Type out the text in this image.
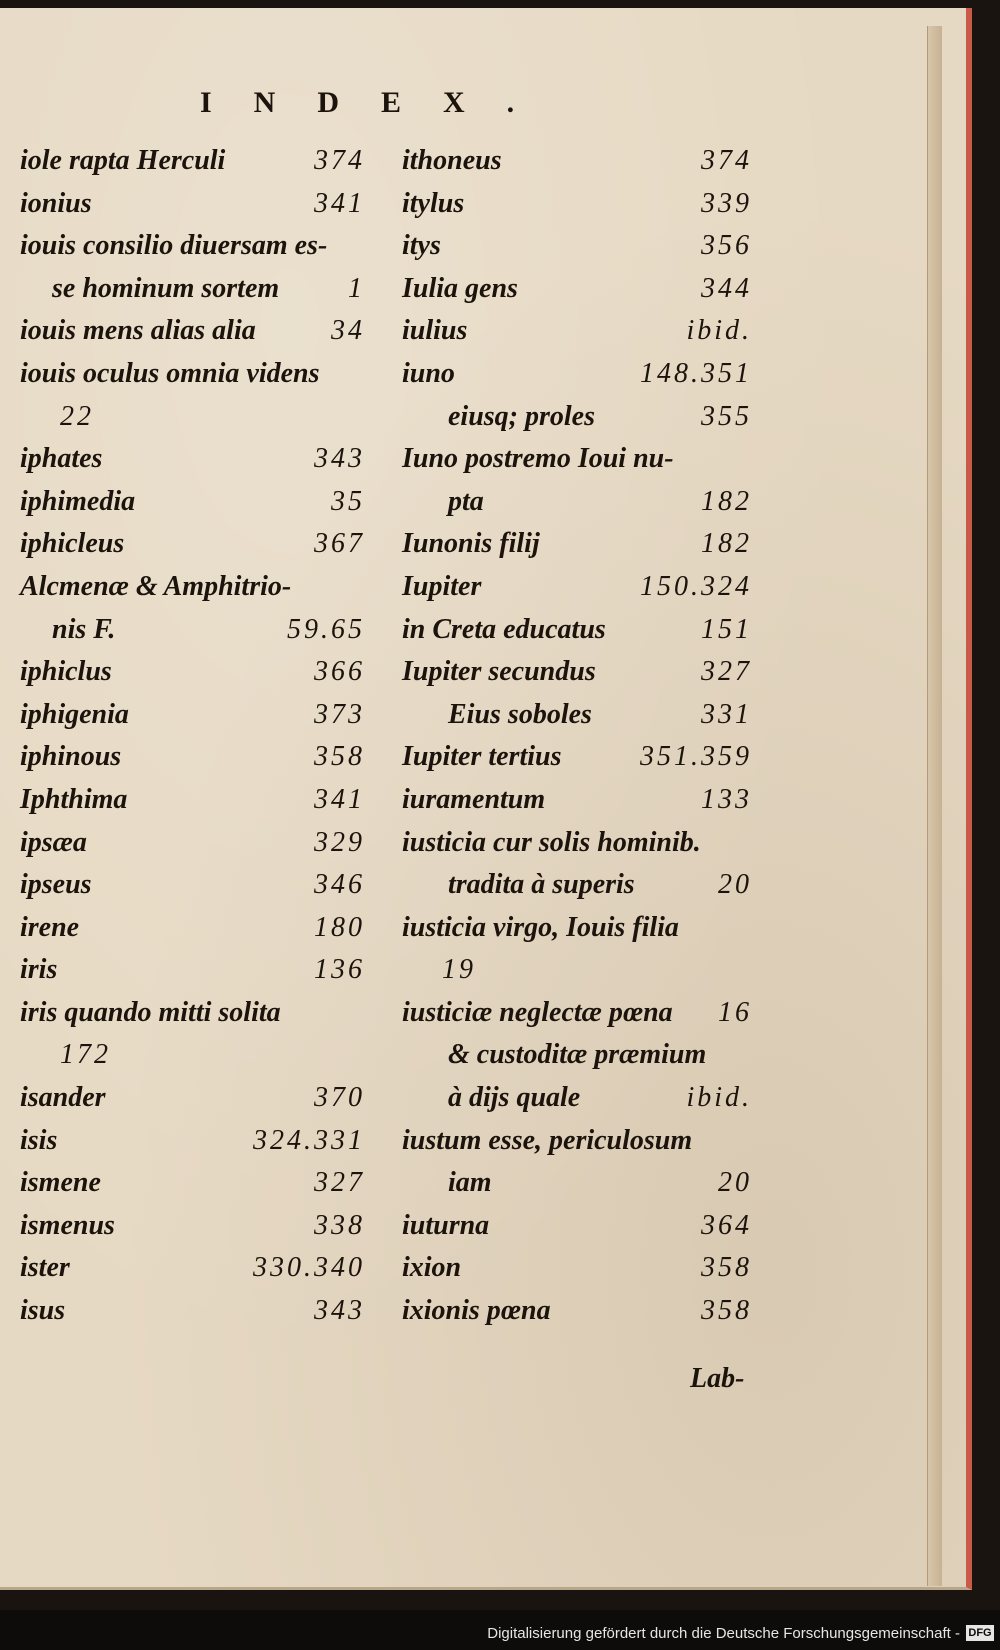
INDEX.
iole rapta Herculi	374
ionius	341
iouis consilio diuersam es-
se hominum sortem 1
iouis mens alias alia	34
iouis oculus omnia videns
22
iphates	343
iphimedia	35
iphicleus	367
Alcmenæ & Amphitrio-
nis F.	59.65
iphiclus	366
iphigenia	373
iphinous	358
Iphthima	341
ipsæa	329
ipseus	346
irene	180
iris	136
iris quando mitti solita
172
isander	370
isis	324.331
ismene	327
ismenus	338
ister	330.340
isus	343
ithoneus	374
itylus	339
itys	356
Iulia gens	344
iulius	ibid.
iuno	148.351
eiusq; proles	355
Iuno postremo Ioui nu-
pta	182
Iunonis filij	182
Iupiter	150.324
in Creta educatus	151
Iupiter secundus	327
Eius soboles	331
Iupiter tertius	351.359
iuramentum	133
iusticia cur solis hominib.
tradita à superis	20
iusticia virgo, Iouis filia
19
iusticiæ neglectæ pœna 16
& custoditæ præmium
à dijs quale	ibid.
iustum esse, periculosum
iam	20
iuturna	364
ixion	358
ixionis pœna	358
Lab-
Digitalisierung gefördert durch die Deutsche Forschungsgemeinschaft - DFG
